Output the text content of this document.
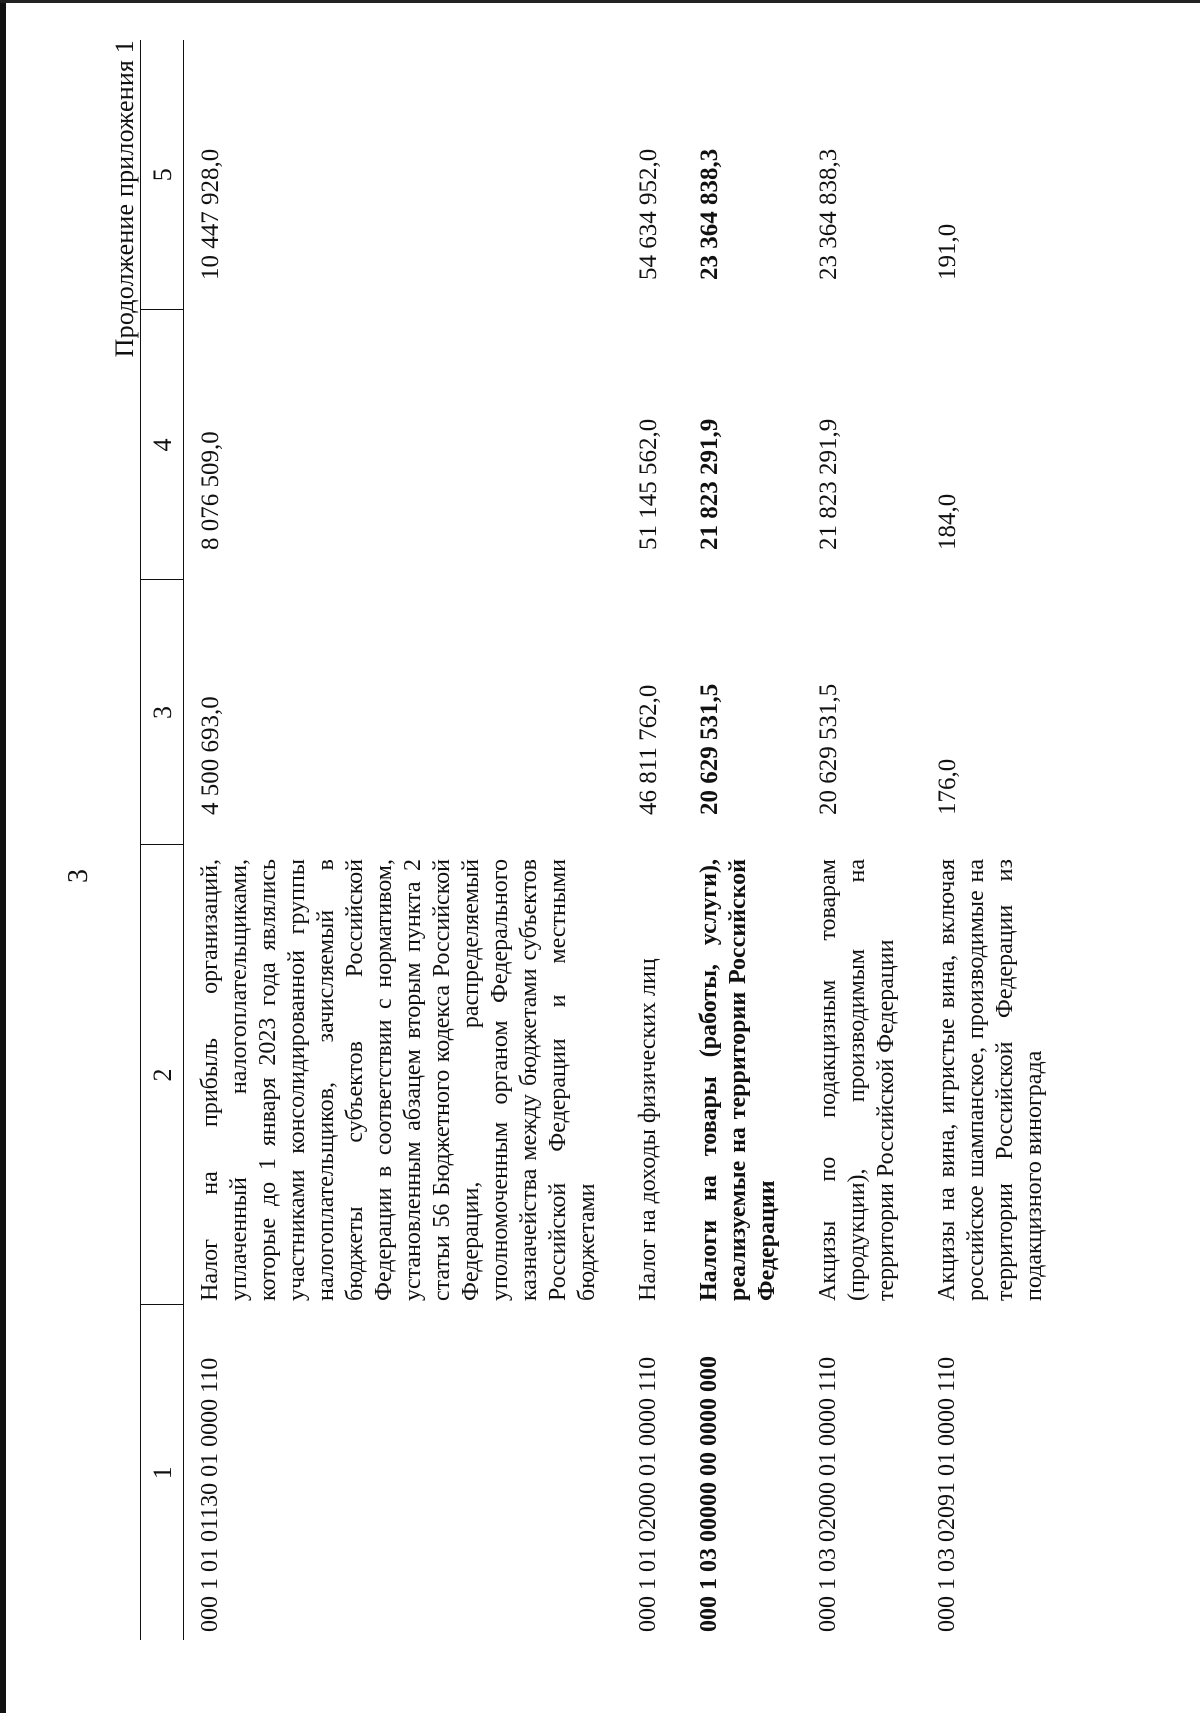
3
Продолжение приложения 1
1	2	3	4	5
000 1 01 01130 01 0000 110	Налог на прибыль организаций, уплаченный налогоплательщиками, которые до 1 января 2023 года являлись участниками консолидированной группы налогоплательщиков, зачисляемый в бюджеты субъектов Российской Федерации в соответствии с нормативом, установленным абзацем вторым пункта 2 статьи 56 Бюджетного кодекса Российской Федерации, распределяемый уполномоченным органом Федерального казначейства между бюджетами субъектов Российской Федерации и местными бюджетами	4 500 693,0	8 076 509,0	10 447 928,0
000 1 01 02000 01 0000 110	Налог на доходы физических лиц	46 811 762,0	51 145 562,0	54 634 952,0
000 1 03 00000 00 0000 000	Налоги на товары (работы, услуги), реализуемые на территории Российской Федерации	20 629 531,5	21 823 291,9	23 364 838,3
000 1 03 02000 01 0000 110	Акцизы по подакцизным товарам (продукции), производимым на территории Российской Федерации	20 629 531,5	21 823 291,9	23 364 838,3
000 1 03 02091 01 0000 110	Акцизы на вина, игристые вина, включая российское шампанское, производимые на территории Российской Федерации из подакцизного винограда	176,0	184,0	191,0
